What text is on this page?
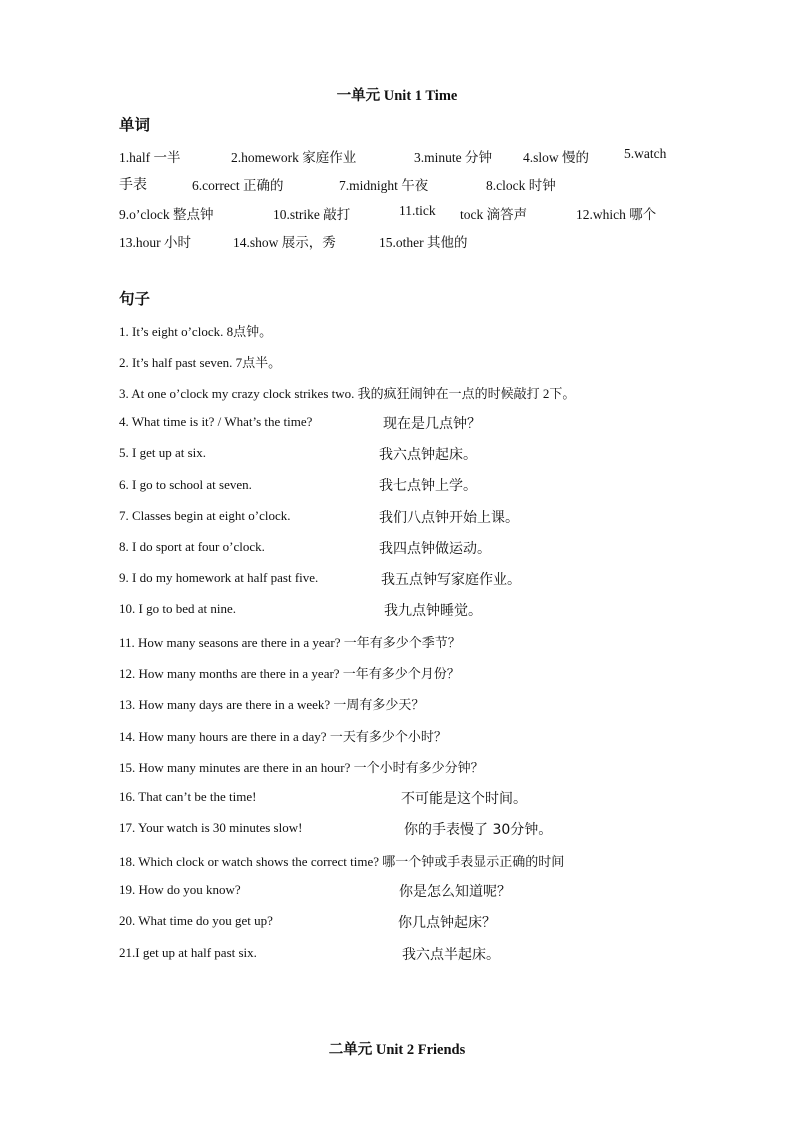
一单元 Unit 1 Time
单词
1.half 一半	2.homework 家庭作业	3.minute 分钟 4.slow 慢的	5.watch
手表	6.correct 正确的	7.midnight 午夜	8.clock 时钟
9.o’clock 整点钟	10.strike 敲打	11.tick tock 滴答声	12.which 哪个
13.hour 小时	14.show 展示，秀	15.other 其他的
句子
1. It’s eight o’clock. 8点钟。
2. It’s half past seven. 7点半。
3. At one o’clock my crazy clock strikes two. 我的疯狂闹钟在一点的时候敲打 2下。
4. What time is it? / What’s the time?	现在是几点钟？
5. I get up at six.	我六点钟起床。
6. I go to school at seven.	我七点钟上学。
7. Classes begin at eight o’clock.	我们八点钟开始上课。
8. I do sport at four o’clock.	我四点钟做运动。
9. I do my homework at half past five.	我五点钟写家庭作业。
10. I go to bed at nine.	我九点钟睡觉。
11. How many seasons are there in a year? 一年有多少个季节？
12. How many months are there in a year? 一年有多少个月份？
13. How many days are there in a week? 一周有多少天？
14. How many hours are there in a day? 一天有多少个小时？
15. How many minutes are there in an hour? 一个小时有多少分钟？
16. That can’t be the time!	不可能是这个时间。
17. Your watch is 30 minutes slow!	你的手表慢了 30分钟。
18. Which clock or watch shows the correct time? 哪一个钟或手表显示正确的时间
19. How do you know?	你是怎么知道呢？
20. What time do you get up?	你几点钟起床？
21.I get up at half past six.	我六点半起床。
二单元 Unit 2 Friends
